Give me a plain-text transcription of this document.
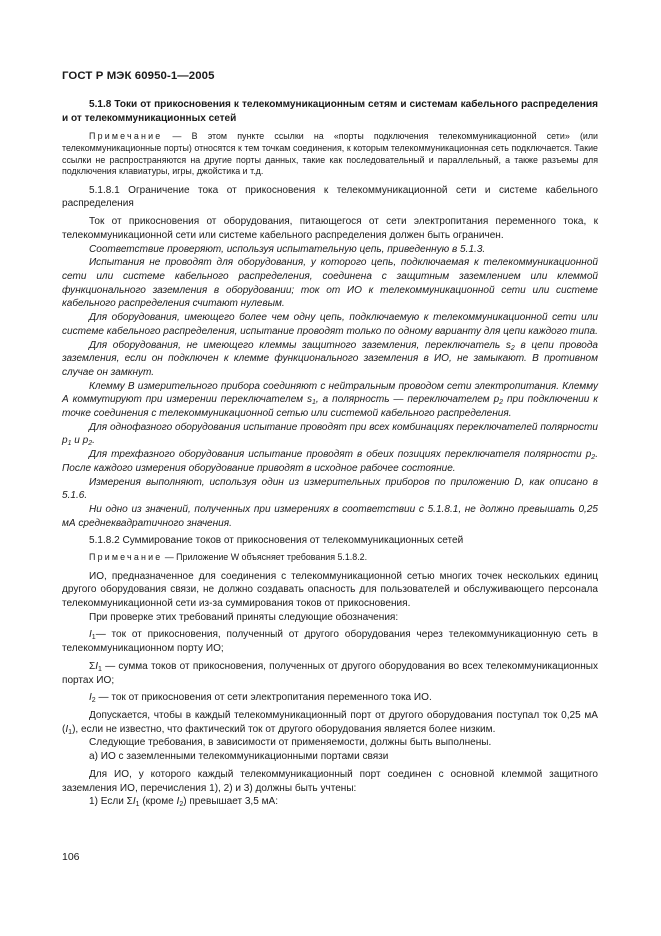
ГОСТ Р МЭК 60950-1—2005

5.1.8 Токи от прикосновения к телекоммуникационным сетям и системам кабельного распределения и от телекоммуникационных сетей

Примечание — В этом пункте ссылки на «порты подключения телекоммуникационной сети» (или телекоммуникационные порты) относятся к тем точкам соединения, к которым телекоммуникационная сеть подключается. Такие ссылки не распространяются на другие порты данных, такие как последовательный и параллельный, а также разъемы для подключения клавиатуры, игры, джойстика и т.д.

5.1.8.1 Ограничение тока от прикосновения к телекоммуникационной сети и системе кабельного распределения

Ток от прикосновения от оборудования, питающегося от сети электропитания переменного тока, к телекоммуникационной сети или системе кабельного распределения должен быть ограничен.

Соответствие проверяют, используя испытательную цепь, приведенную в 5.1.3.

Испытания не проводят для оборудования, у которого цепь, подключаемая к телекоммуникационной сети или системе кабельного распределения, соединена с защитным заземлением или клеммой функционального заземления в оборудовании; ток от ИО к телекоммуникационной сети или системе кабельного распределения считают нулевым.

Для оборудования, имеющего более чем одну цепь, подключаемую к телекоммуникационной сети или системе кабельного распределения, испытание проводят только по одному варианту для цепи каждого типа.

Для оборудования, не имеющего клеммы защитного заземления, переключатель $s_2$ в цепи провода заземления, если он подключен к клемме функционального заземления в ИО, не замыкают. В противном случае он замкнут.

Клемму В измерительного прибора соединяют с нейтральным проводом сети электропитания. Клемму А коммутируют при измерении переключателем $s_1$, а полярность — переключателем $р_2$ при подключении к точке соединения с телекоммуникационной сетью или системой кабельного распределения.

Для однофазного оборудования испытание проводят при всех комбинациях переключателей полярности $р_1$ и $р_2$.

Для трехфазного оборудования испытание проводят в обеих позициях переключателя полярности $р_2$. После каждого измерения оборудование приводят в исходное рабочее состояние.

Измерения выполняют, используя один из измерительных приборов по приложению D, как описано в 5.1.6.

Ни одно из значений, полученных при измерениях в соответствии с 5.1.8.1, не должно превышать 0,25 мА среднеквадратичного значения.

5.1.8.2 Суммирование токов от прикосновения от телекоммуникационных сетей

Примечание — Приложение W объясняет требования 5.1.8.2.

ИО, предназначенное для соединения с телекоммуникационной сетью многих точек нескольких единиц другого оборудования связи, не должно создавать опасность для пользователей и обслуживающего персонала телекоммуникационной сети из-за суммирования токов от прикосновения.

При проверке этих требований приняты следующие обозначения:

$I_1—$ ток от прикосновения, полученный от другого оборудования через телекоммуникационную сеть в телекоммуникационном порту ИО;

$\Sigma I_1$ — сумма токов от прикосновения, полученных от другого оборудования во всех телекоммуникационных портах ИО;

$I_2$ — ток от прикосновения от сети электропитания переменного тока ИО.

Допускается, чтобы в каждый телекоммуникационный порт от другого оборудования поступал ток 0,25 мА $(I_1)$, если не известно, что фактический ток от другого оборудования является более низким.

Следующие требования, в зависимости от применяемости, должны быть выполнены.

а) ИО с заземленными телекоммуникационными портами связи

Для ИО, у которого каждый телекоммуникационный порт соединен с основной клеммой защитного заземления ИО, перечисления 1), 2) и 3) должны быть учтены:

1) Если $\Sigma I_1$ (кроме $I_2$) превышает 3,5 мА:

106
